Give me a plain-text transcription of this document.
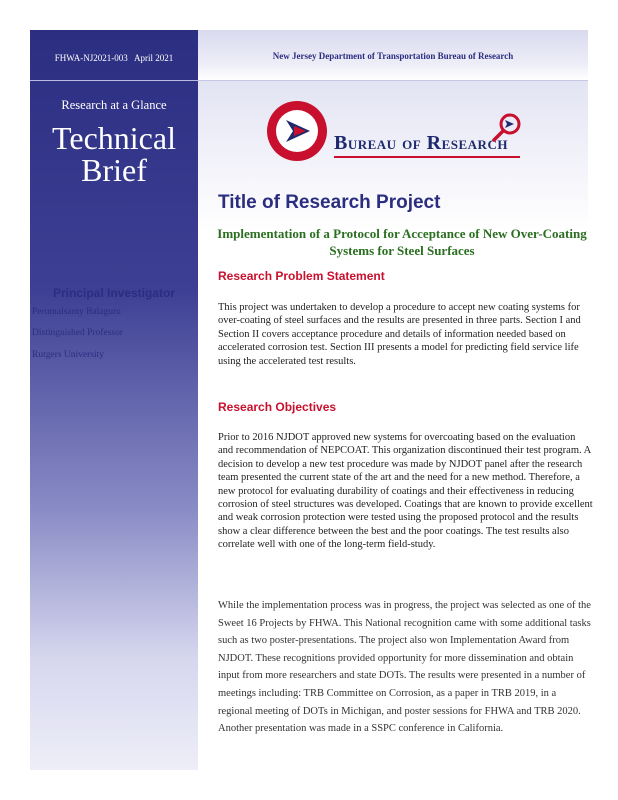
FHWA-NJ2021-003   April 2021
Research at a Glance
Technical
Brief
Principal Investigator
Perumalsamy Balaguru
Distinguished Professor
Rutgers University
New Jersey Department of Transportation Bureau of Research
BUREAU OF RESEARCH
Title of Research Project
Implementation of a Protocol for Acceptance of New Over-Coating Systems for Steel Surfaces
Research Problem Statement
This project was undertaken to develop a procedure to accept new coating systems for over-coating of steel surfaces and the results are presented in three parts. Section I and Section II covers acceptance procedure and details of information needed based on accelerated corrosion test. Section III presents a model for predicting field service life using the accelerated test results.
Research Objectives
Prior to 2016 NJDOT approved new systems for overcoating based on the evaluation and recommendation of NEPCOAT. This organization discontinued their test program. A decision to develop a new test procedure was made by NJDOT panel after the research team presented the current state of the art and the need for a new method. Therefore, a new protocol for evaluating durability of coatings and their effectiveness in reducing corrosion of steel structures was developed. Coatings that are known to provide excellent and weak corrosion protection were tested using the proposed protocol and the results show a clear difference between the best and the poor coatings. The test results also correlate well with one of the long-term field-study.
While the implementation process was in progress, the project was selected as one of the Sweet 16 Projects by FHWA. This National recognition came with some additional tasks such as two poster-presentations. The project also won Implementation Award from NJDOT. These recognitions provided opportunity for more dissemination and obtain input from more researchers and state DOTs. The results were presented in a number of meetings including: TRB Committee on Corrosion, as a paper in TRB 2019, in a regional meeting of DOTs in Michigan, and poster sessions for FHWA and TRB 2020. Another presentation was made in a SSPC conference in California.
